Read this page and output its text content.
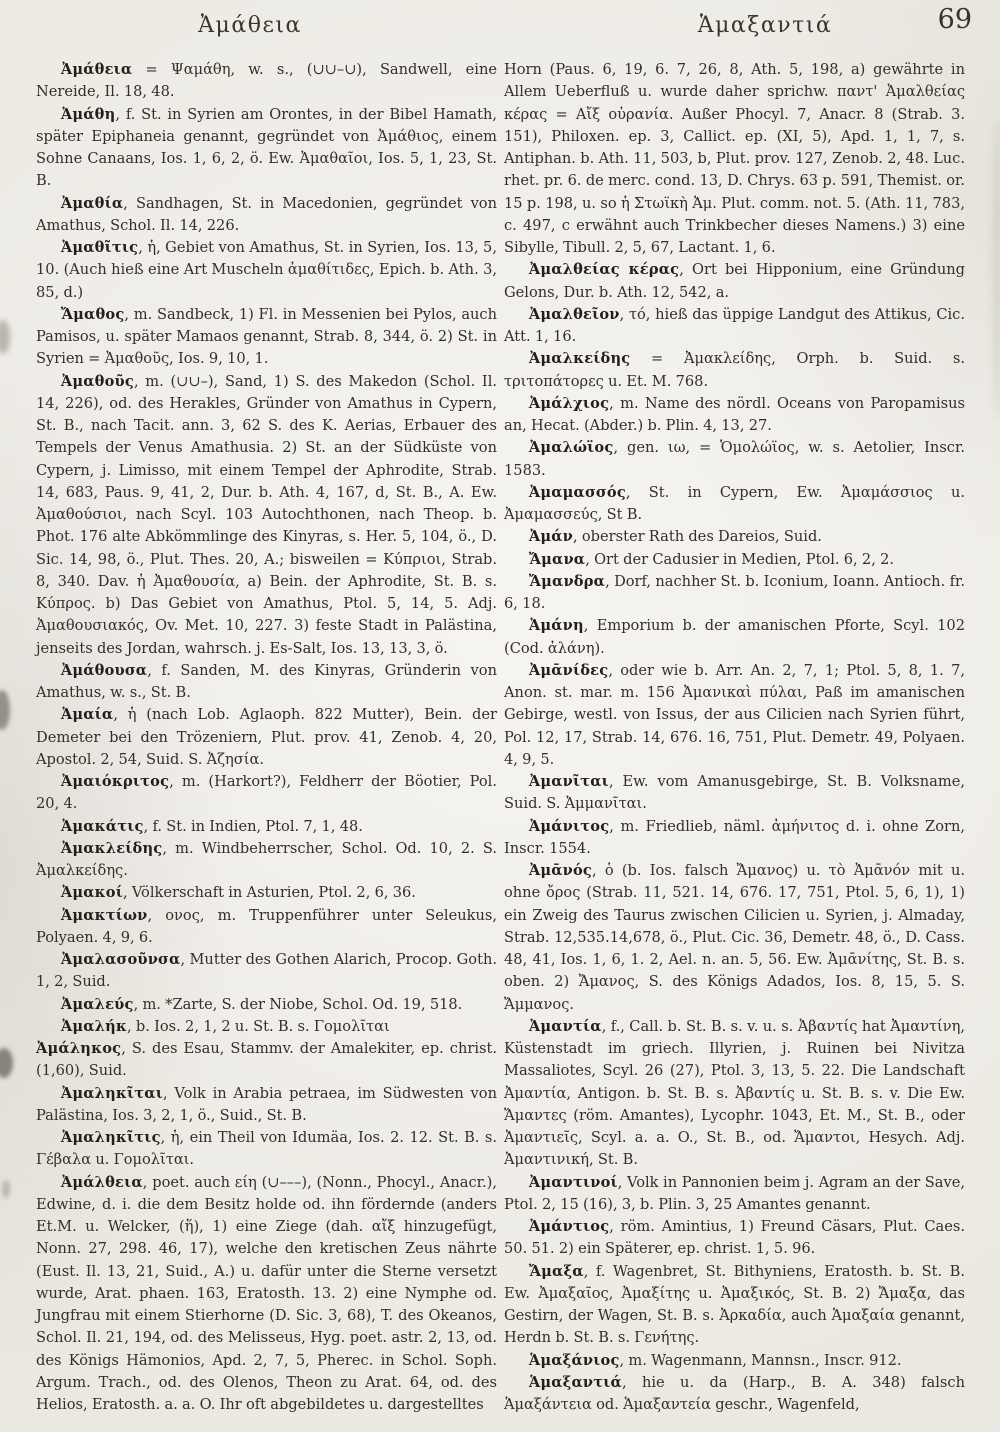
Ἀμάθεια	Ἁμαξαντιά	69

Ἀμάθεια = Ψαμάθη, w. s., (∪∪–∪), Sandwell, eine Nereide, Il. 18, 48.

Ἀμάθη, f. St. in Syrien am Orontes, in der Bibel Hamath, später Epiphaneia genannt, gegründet von Ἀμάθιος, einem Sohne Canaans, Ios. 1, 6, 2, ö. Ew. Ἀμαθαῖοι, Ios. 5, 1, 23, St. B.

Ἀμαθία, Sandhagen, St. in Macedonien, gegründet von Amathus, Schol. Il. 14, 226.

Ἀμαθῖτις, ἡ, Gebiet von Amathus, St. in Syrien, Ios. 13, 5, 10. (Auch hieß eine Art Muscheln ἀμαθίτιδες, Epich. b. Ath. 3, 85, d.)

Ἄμαθος, m. Sandbeck, 1) Fl. in Messenien bei Pylos, auch Pamisos, u. später Mamaos genannt, Strab. 8, 344, ö. 2) St. in Syrien = Ἀμαθοῦς, Ios. 9, 10, 1.

Ἀμαθοῦς, m. (∪∪–), Sand, 1) S. des Makedon (Schol. Il. 14, 226), od. des Herakles, Gründer von Amathus in Cypern, St. B., nach Tacit. ann. 3, 62 S. des K. Aerias, Erbauer des Tempels der Venus Amathusia. 2) St. an der Südküste von Cypern, j. Limisso, mit einem Tempel der Aphrodite, Strab. 14, 683, Paus. 9, 41, 2, Dur. b. Ath. 4, 167, d, St. B., A. Ew. Ἀμαθούσιοι, nach Scyl. 103 Autochthonen, nach Theop. b. Phot. 176 alte Abkömmlinge des Kinyras, s. Her. 5, 104, ö., D. Sic. 14, 98, ö., Plut. Thes. 20, A.; bisweilen = Κύπριοι, Strab. 8, 340. Dav. ἡ Ἀμαθουσία, a) Bein. der Aphrodite, St. B. s. Κύπρος. b) Das Gebiet von Amathus, Ptol. 5, 14, 5. Adj. Ἀμαθουσιακός, Ov. Met. 10, 227. 3) feste Stadt in Palästina, jenseits des Jordan, wahrsch. j. Es-Salt, Ios. 13, 13, 3, ö.

Ἀμάθουσα, f. Sanden, M. des Kinyras, Gründerin von Amathus, w. s., St. B.

Ἀμαία, ἡ (nach Lob. Aglaoph. 822 Mutter), Bein. der Demeter bei den Trözeniern, Plut. prov. 41, Zenob. 4, 20, Apostol. 2, 54, Suid. S. Ἀζησία.

Ἀμαιόκριτος, m. (Harkort?), Feldherr der Böotier, Pol. 20, 4.

Ἀμακάτις, f. St. in Indien, Ptol. 7, 1, 48.

Ἀμακλείδης, m. Windbeherrscher, Schol. Od. 10, 2. S. Ἀμαλκείδης.

Ἀμακοί, Völkerschaft in Asturien, Ptol. 2, 6, 36.

Ἀμακτίων, ονος, m. Truppenführer unter Seleukus, Polyaen. 4, 9, 6.

Ἀμαλασοῦνσα, Mutter des Gothen Alarich, Procop. Goth. 1, 2, Suid.

Ἀμαλεύς, m. *Zarte, S. der Niobe, Schol. Od. 19, 518.

Ἀμαλήκ, b. Ios. 2, 1, 2 u. St. B. s. Γομολῖται

Ἀμάληκος, S. des Esau, Stammv. der Amalekiter, ep. christ. (1,60), Suid.

Ἀμαληκῖται, Volk in Arabia petraea, im Südwesten von Palästina, Ios. 3, 2, 1, ö., Suid., St. B.

Ἀμαληκῖτις, ἡ, ein Theil von Idumäa, Ios. 2. 12. St. B. s. Γέβαλα u. Γομολῖται.

Ἀμάλθεια, poet. auch είη (∪–––), (Nonn., Phocyl., Anacr.), Edwine, d. i. die dem Besitz holde od. ihn fördernde (anders Et.M. u. Welcker, (ἥ), 1) eine Ziege (dah. αἴξ hinzugefügt, Nonn. 27, 298. 46, 17), welche den kretischen Zeus nährte (Eust. Il. 13, 21, Suid., A.) u. dafür unter die Sterne versetzt wurde, Arat. phaen. 163, Eratosth. 13. 2) eine Nymphe od. Jungfrau mit einem Stierhorne (D. Sic. 3, 68), T. des Okeanos, Schol. Il. 21, 194, od. des Melisseus, Hyg. poet. astr. 2, 13, od. des Königs Hämonios, Apd. 2, 7, 5, Pherec. in Schol. Soph. Argum. Trach., od. des Olenos, Theon zu Arat. 64, od. des Helios, Eratosth. a. a. O. Ihr oft abgebildetes u. dargestelltes

Horn (Paus. 6, 19, 6. 7, 26, 8, Ath. 5, 198, a) gewährte in Allem Ueberfluß u. wurde daher sprichw. παντ' Ἀμαλθείας κέρας = Αἴξ οὐρανία. Außer Phocyl. 7, Anacr. 8 (Strab. 3. 151), Philoxen. ep. 3, Callict. ep. (XI, 5), Apd. 1, 1, 7, s. Antiphan. b. Ath. 11, 503, b, Plut. prov. 127, Zenob. 2, 48. Luc. rhet. pr. 6. de merc. cond. 13, D. Chrys. 63 p. 591, Themist. or. 15 p. 198, u. so ἡ Στωϊκὴ Ἀμ. Plut. comm. not. 5. (Ath. 11, 783, c. 497, c erwähnt auch Trinkbecher dieses Namens.) 3) eine Sibylle, Tibull. 2, 5, 67, Lactant. 1, 6.

Ἀμαλθείας κέρας, Ort bei Hipponium, eine Gründung Gelons, Dur. b. Ath. 12, 542, a.

Ἀμαλθεῖον, τό, hieß das üppige Landgut des Attikus, Cic. Att. 1, 16.

Ἀμαλκείδης = Ἀμακλείδης, Orph. b. Suid. s. τριτοπάτορες u. Et. M. 768.

Ἀμάλχιος, m. Name des nördl. Oceans von Paropamisus an, Hecat. (Abder.) b. Plin. 4, 13, 27.

Ἀμαλώϊος, gen. ιω, = Ὁμολώϊος, w. s. Aetolier, Inscr. 1583.

Ἀμαμασσός, St. in Cypern, Ew. Ἀμαμάσσιος u. Ἀμαμασσεύς, St B.

Ἀμάν, oberster Rath des Dareios, Suid.

Ἄμανα, Ort der Cadusier in Medien, Ptol. 6, 2, 2.

Ἄμανδρα, Dorf, nachher St. b. Iconium, Ioann. Antioch. fr. 6, 18.

Ἀμάνη, Emporium b. der amanischen Pforte, Scyl. 102 (Cod. ἀλάνη).

Ἀμᾱνίδες, oder wie b. Arr. An. 2, 7, 1; Ptol. 5, 8, 1. 7, Anon. st. mar. m. 156 Ἀμανικαὶ πύλαι, Paß im amanischen Gebirge, westl. von Issus, der aus Cilicien nach Syrien führt, Pol. 12, 17, Strab. 14, 676. 16, 751, Plut. Demetr. 49, Polyaen. 4, 9, 5.

Ἀμανῖται, Ew. vom Amanusgebirge, St. B. Volksname, Suid. S. Ἀμμανῖται.

Ἀμάνιτος, m. Friedlieb, näml. ἀμήνιτος d. i. ohne Zorn, Inscr. 1554.

Ἀμᾱνός, ὁ (b. Ios. falsch Ἄμανος) u. τὸ Ἀμᾱνόν mit u. ohne ὄρος (Strab. 11, 521. 14, 676. 17, 751, Ptol. 5, 6, 1), 1) ein Zweig des Taurus zwischen Cilicien u. Syrien, j. Almaday, Strab. 12,535.14,678, ö., Plut. Cic. 36, Demetr. 48, ö., D. Cass. 48, 41, Ios. 1, 6, 1. 2, Ael. n. an. 5, 56. Ew. Ἀμᾱνίτης, St. B. s. oben. 2) Ἄμανος, S. des Königs Adados, Ios. 8, 15, 5. S. Ἄμμανος.

Ἀμαντία, f., Call. b. St. B. s. v. u. s. Ἀβαντίς hat Ἀμαντίνη, Küstenstadt im griech. Illyrien, j. Ruinen bei Nivitza Massaliotes, Scyl. 26 (27), Ptol. 3, 13, 5. 22. Die Landschaft Ἀμαντία, Antigon. b. St. B. s. Ἀβαντίς u. St. B. s. v. Die Ew. Ἄμαντες (röm. Amantes), Lycophr. 1043, Et. M., St. B., oder Ἀμαντιεῖς, Scyl. a. a. O., St. B., od. Ἄμαντοι, Hesych. Adj. Ἀμαντινική, St. B.

Ἀμαντινοί, Volk in Pannonien beim j. Agram an der Save, Ptol. 2, 15 (16), 3, b. Plin. 3, 25 Amantes genannt.

Ἀμάντιος, röm. Amintius, 1) Freund Cäsars, Plut. Caes. 50. 51. 2) ein Späterer, ep. christ. 1, 5. 96.

Ἄμαξα, f. Wagenbret, St. Bithyniens, Eratosth. b. St. B. Ew. Ἀμαξαῖος, Ἀμαξίτης u. Ἀμαξικός, St. B. 2) Ἄμαξα, das Gestirn, der Wagen, St. B. s. Ἀρκαδία, auch Ἁμαξαία genannt, Herdn b. St. B. s. Γενήτης.

Ἁμαξάνιος, m. Wagenmann, Mannsn., Inscr. 912.

Ἁμαξαντιά, hie u. da (Harp., B. A. 348) falsch Ἁμαξάντεια od. Ἁμαξαντεία geschr., Wagenfeld,
